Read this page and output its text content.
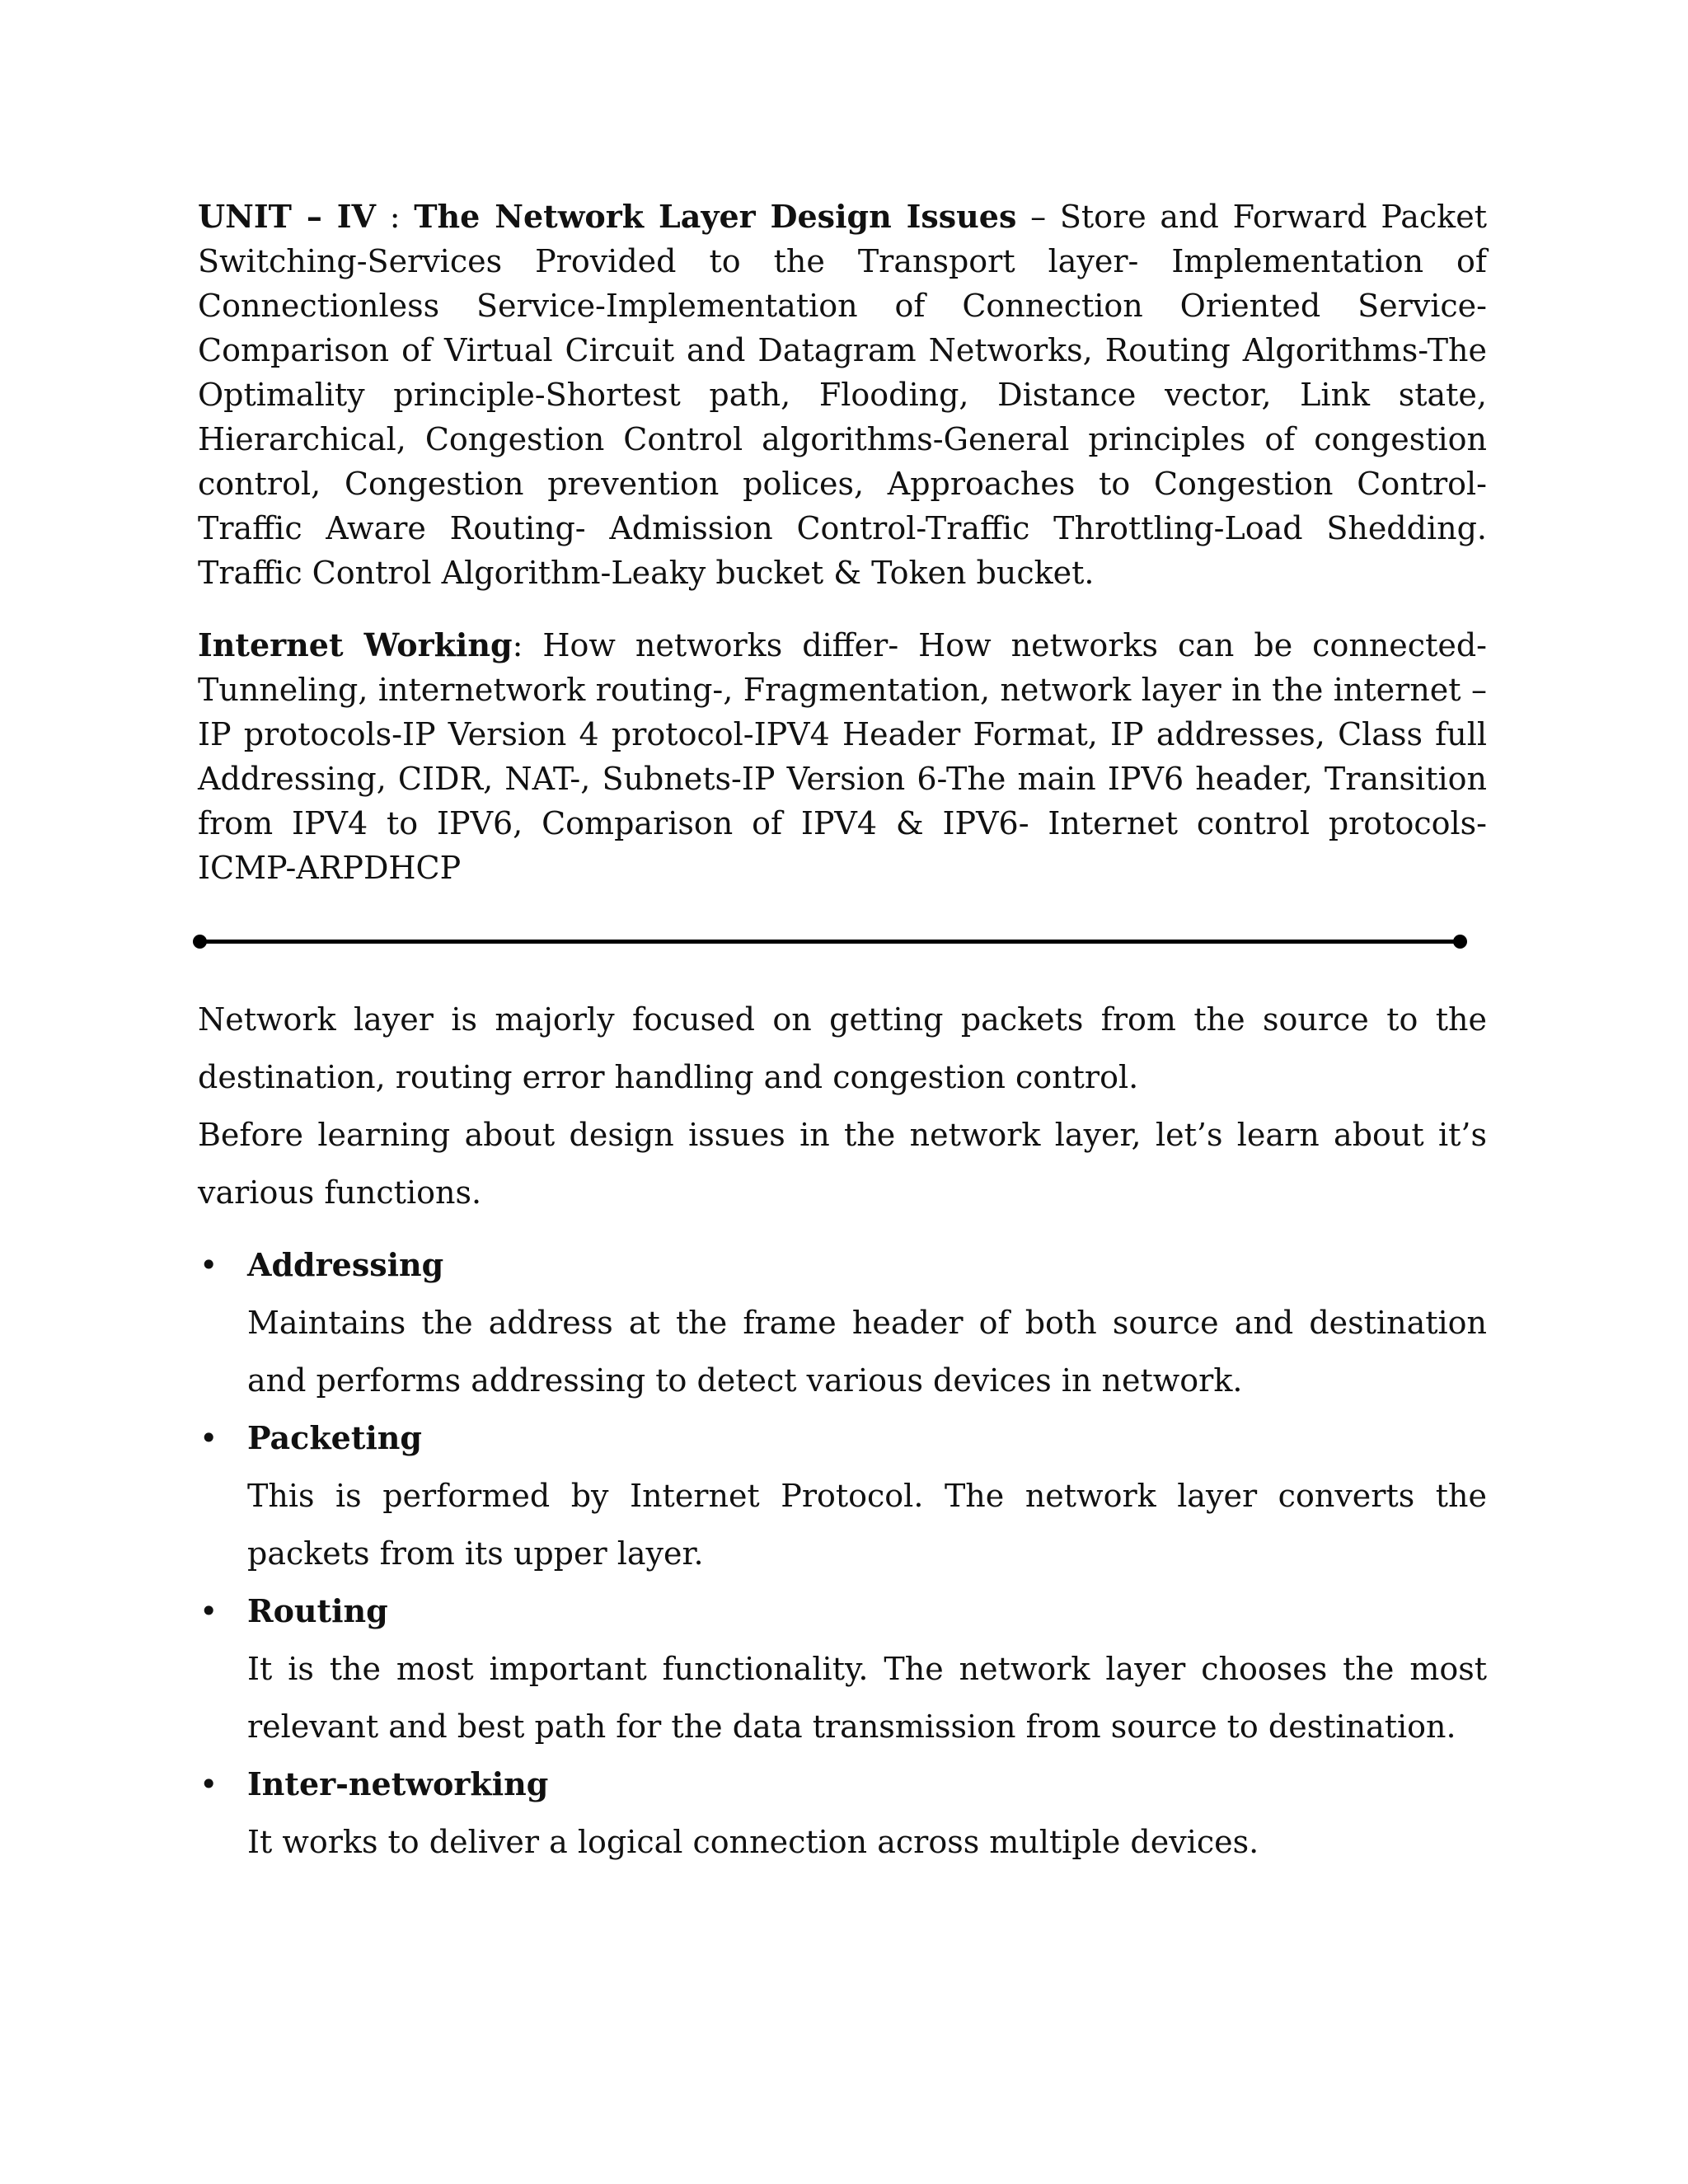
UNIT – IV : The Network Layer Design Issues – Store and Forward Packet Switching-Services Provided to the Transport layer- Implementation of Connectionless Service-Implementation of Connection Oriented Service-Comparison of Virtual Circuit and Datagram Networks, Routing Algorithms-The Optimality principle-Shortest path, Flooding, Distance vector, Link state, Hierarchical, Congestion Control algorithms-General principles of congestion control, Congestion prevention polices, Approaches to Congestion Control-Traffic Aware Routing- Admission Control-Traffic Throttling-Load Shedding. Traffic Control Algorithm-Leaky bucket & Token bucket.

Internet Working: How networks differ- How networks can be connected-Tunneling, internetwork routing-, Fragmentation, network layer in the internet – IP protocols-IP Version 4 protocol-IPV4 Header Format, IP addresses, Class full Addressing, CIDR, NAT-, Subnets-IP Version 6-The main IPV6 header, Transition from IPV4 to IPV6, Comparison of IPV4 & IPV6- Internet control protocols- ICMP-ARPDHCP

Network layer is majorly focused on getting packets from the source to the destination, routing error handling and congestion control.

Before learning about design issues in the network layer, let’s learn about it’s various functions.

• Addressing
Maintains the address at the frame header of both source and destination and performs addressing to detect various devices in network.
• Packeting
This is performed by Internet Protocol. The network layer converts the packets from its upper layer.
• Routing
It is the most important functionality. The network layer chooses the most relevant and best path for the data transmission from source to destination.
• Inter-networking
It works to deliver a logical connection across multiple devices.
